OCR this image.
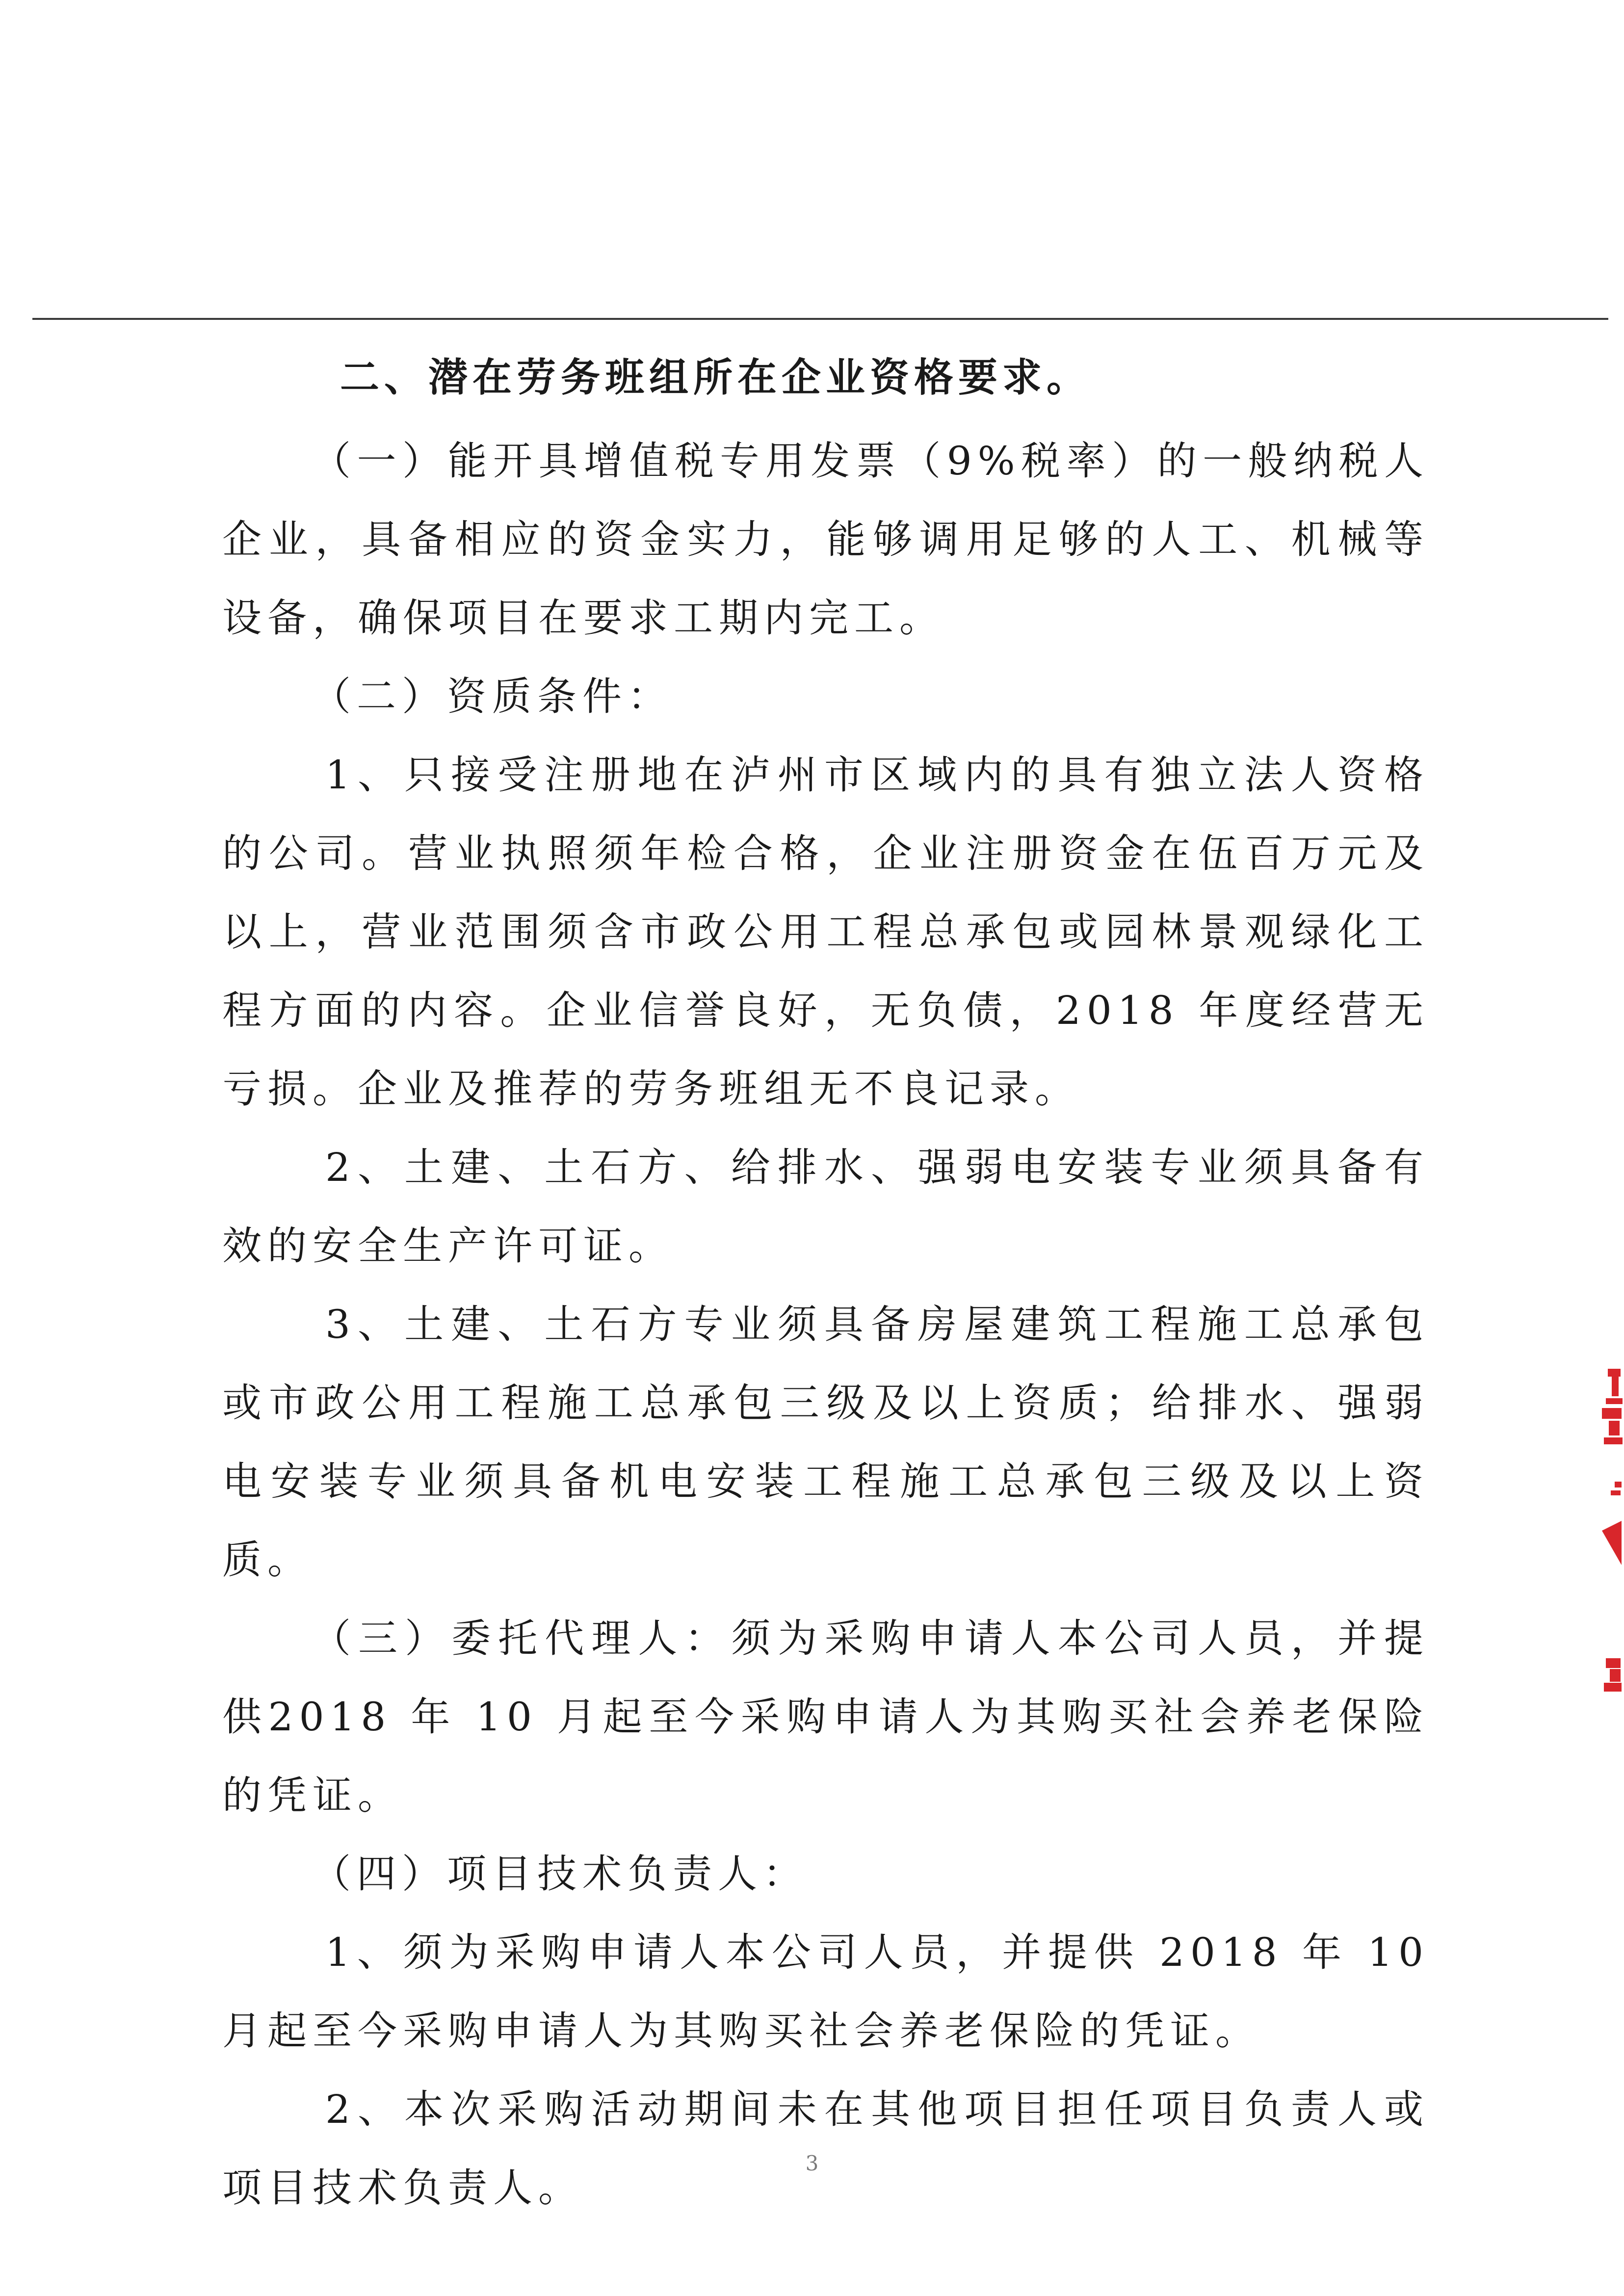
二、潜在劳务班组所在企业资格要求。

（一）能开具增值税专用发票（9%税率）的一般纳税人企业，具备相应的资金实力，能够调用足够的人工、机械等设备，确保项目在要求工期内完工。

（二）资质条件：

1、只接受注册地在泸州市区域内的具有独立法人资格的公司。营业执照须年检合格，企业注册资金在伍百万元及以上，营业范围须含市政公用工程总承包或园林景观绿化工程方面的内容。企业信誉良好，无负债，2018 年度经营无亏损。企业及推荐的劳务班组无不良记录。

2、土建、土石方、给排水、强弱电安装专业须具备有效的安全生产许可证。

3、土建、土石方专业须具备房屋建筑工程施工总承包或市政公用工程施工总承包三级及以上资质；给排水、强弱电安装专业须具备机电安装工程施工总承包三级及以上资质。

（三）委托代理人：须为采购申请人本公司人员，并提供2018 年 10 月起至今采购申请人为其购买社会养老保险的凭证。

（四）项目技术负责人：

1、须为采购申请人本公司人员，并提供 2018 年 10 月起至今采购申请人为其购买社会养老保险的凭证。

2、本次采购活动期间未在其他项目担任项目负责人或项目技术负责人。

3
